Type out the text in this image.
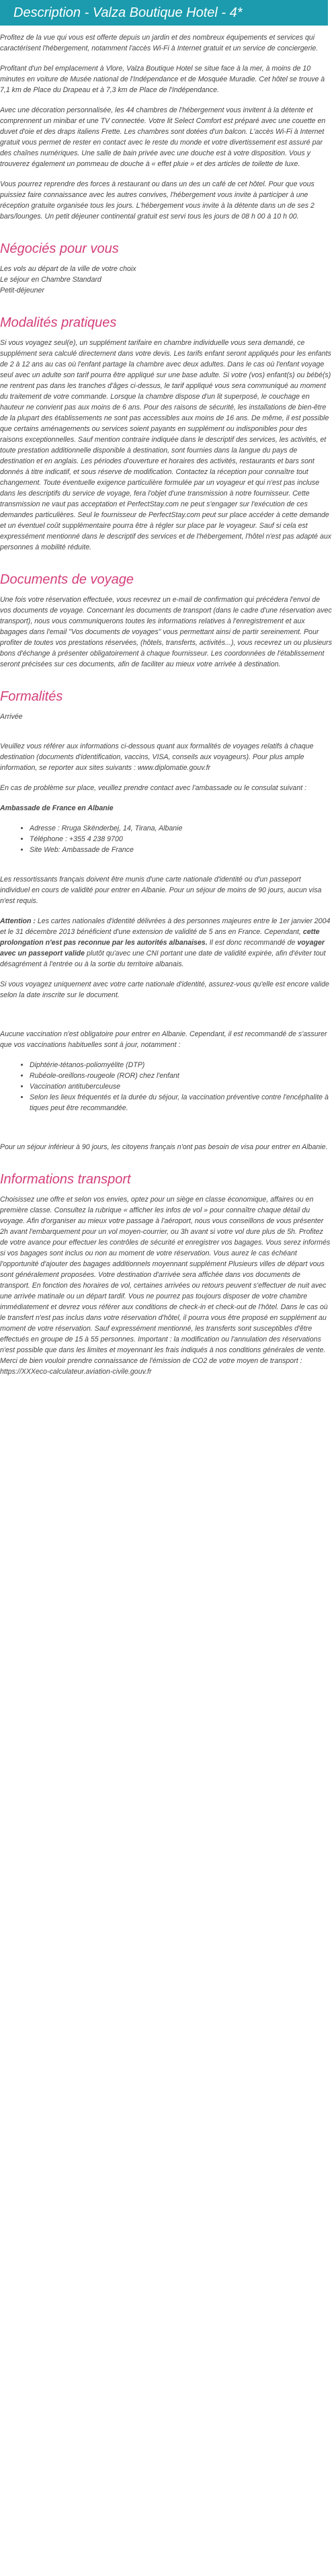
Description - Valza Boutique Hotel - 4*

Profitez de la vue qui vous est offerte depuis un jardin et des nombreux équipements et services qui caractérisent l'hébergement, notamment l'accès Wi-Fi à Internet gratuit et un service de conciergerie.

Profitant d'un bel emplacement à Vlore, Valza Boutique Hotel se situe face à la mer, à moins de 10 minutes en voiture de Musée national de l'Indépendance et de Mosquée Muradie. Cet hôtel se trouve à 7,1 km de Place du Drapeau et à 7,3 km de Place de l'Indépendance.

Avec une décoration personnalisée, les 44 chambres de l'hébergement vous invitent à la détente et comprennent un minibar et une TV connectée. Votre lit Select Comfort est préparé avec une couette en duvet d'oie et des draps italiens Frette. Les chambres sont dotées d'un balcon. L'accès Wi-Fi à Internet gratuit vous permet de rester en contact avec le reste du monde et votre divertissement est assuré par des chaînes numériques. Une salle de bain privée avec une douche est à votre disposition. Vous y trouverez également un pommeau de douche à « effet pluie » et des articles de toilette de luxe.

Vous pourrez reprendre des forces à restaurant ou dans un des un café de cet hôtel. Pour que vous puissiez faire connaissance avec les autres convives, l'hébergement vous invite à participer à une réception gratuite organisée tous les jours. L'hébergement vous invite à la détente dans un de ses 2 bars/lounges. Un petit déjeuner continental gratuit est servi tous les jours de 08 h 00 à 10 h 00.

Négociés pour vous
Les vols au départ de la ville de votre choix
Le séjour en Chambre Standard
Petit-déjeuner
Modalités pratiques

Si vous voyagez seul(e), un supplément tarifaire en chambre individuelle vous sera demandé, ce supplément sera calculé directement dans votre devis. Les tarifs enfant seront appliqués pour les enfants de 2 à 12 ans au cas où l'enfant partage la chambre avec deux adultes. Dans le cas où l'enfant voyage seul avec un adulte son tarif pourra être appliqué sur une base adulte. Si votre (vos) enfant(s) ou bébé(s) ne rentrent pas dans les tranches d'âges ci-dessus, le tarif appliqué vous sera communiqué au moment du traitement de votre commande. Lorsque la chambre dispose d'un lit superposé, le couchage en hauteur ne convient pas aux moins de 6 ans. Pour des raisons de sécurité, les installations de bien-être de la plupart des établissements ne sont pas accessibles aux moins de 16 ans. De même, il est possible que certains aménagements ou services soient payants en supplément ou indisponibles pour des raisons exceptionnelles. Sauf mention contraire indiquée dans le descriptif des services, les activités, et toute prestation additionnelle disponible à destination, sont fournies dans la langue du pays de destination et en anglais. Les périodes d'ouverture et horaires des activités, restaurants et bars sont donnés à titre indicatif, et sous réserve de modification. Contactez la réception pour connaître tout changement. Toute éventuelle exigence particulière formulée par un voyageur et qui n'est pas incluse dans les descriptifs du service de voyage, fera l'objet d'une transmission à notre fournisseur. Cette transmission ne vaut pas acceptation et PerfectStay.com ne peut s'engager sur l'exécution de ces demandes particulières. Seul le fournisseur de PerfectStay.com peut sur place accéder à cette demande et un éventuel coût supplémentaire pourra être à régler sur place par le voyageur. Sauf si cela est expressément mentionné dans le descriptif des services et de l'hébergement, l'hôtel n'est pas adapté aux personnes à mobilité réduite.

Documents de voyage

Une fois votre réservation effectuée, vous recevrez un e-mail de confirmation qui précédera l'envoi de vos documents de voyage. Concernant les documents de transport (dans le cadre d'une réservation avec transport), nous vous communiquerons toutes les informations relatives à l'enregistrement et aux bagages dans l'email "Vos documents de voyages" vous permettant ainsi de partir sereinement. Pour profiter de toutes vos prestations réservées, (hôtels, transferts, activités...), vous recevrez un ou plusieurs bons d'échange à présenter obligatoirement à chaque fournisseur. Les coordonnées de l'établissement seront précisées sur ces documents, afin de faciliter au mieux votre arrivée à destination.

Formalités

Arrivée

Veuillez vous référer aux informations ci-dessous quant aux formalités de voyages relatifs à chaque destination (documents d'identification, vaccins, VISA, conseils aux voyageurs). Pour plus ample information, se reporter aux sites suivants : www.diplomatie.gouv.fr

En cas de problème sur place, veuillez prendre contact avec l'ambassade ou le consulat suivant :

Ambassade de France en Albanie

• Adresse : Rruga Skënderbej, 14, Tirana, Albanie
• Téléphone : +355 4 238 9700
• Site Web: Ambassade de France

Les ressortissants français doivent être munis d'une carte nationale d'identité ou d'un passeport individuel en cours de validité pour entrer en Albanie. Pour un séjour de moins de 90 jours, aucun visa n'est requis.

Attention : Les cartes nationales d'identité délivrées à des personnes majeures entre le 1er janvier 2004 et le 31 décembre 2013 bénéficient d'une extension de validité de 5 ans en France. Cependant, cette prolongation n'est pas reconnue par les autorités albanaises. Il est donc recommandé de voyager avec un passeport valide plutôt qu'avec une CNI portant une date de validité expirée, afin d'éviter tout désagrément à l'entrée ou à la sortie du territoire albanais.

Si vous voyagez uniquement avec votre carte nationale d'identité, assurez-vous qu'elle est encore valide selon la date inscrite sur le document.

Aucune vaccination n'est obligatoire pour entrer en Albanie. Cependant, il est recommandé de s'assurer que vos vaccinations habituelles sont à jour, notamment :

• Diphtérie-tétanos-poliomyélite (DTP)
• Rubéole-oreillons-rougeole (ROR) chez l'enfant
• Vaccination antituberculeuse
• Selon les lieux fréquentés et la durée du séjour, la vaccination préventive contre l'encéphalite à tiques peut être recommandée.

Pour un séjour inférieur à 90 jours, les citoyens français n'ont pas besoin de visa pour entrer en Albanie.

Informations transport

Choisissez une offre et selon vos envies, optez pour un siège en classe économique, affaires ou en première classe. Consultez la rubrique « afficher les infos de vol » pour connaître chaque détail du voyage. Afin d'organiser au mieux votre passage à l'aéroport, nous vous conseillons de vous présenter 2h avant l'embarquement pour un vol moyen-courrier, ou 3h avant si votre vol dure plus de 5h. Profitez de votre avance pour effectuer les contrôles de sécurité et enregistrer vos bagages. Vous serez informés si vos bagages sont inclus ou non au moment de votre réservation. Vous aurez le cas échéant l'opportunité d'ajouter des bagages additionnels moyennant supplément Plusieurs villes de départ vous sont généralement proposées. Votre destination d'arrivée sera affichée dans vos documents de transport. En fonction des horaires de vol, certaines arrivées ou retours peuvent s'effectuer de nuit avec une arrivée matinale ou un départ tardif. Vous ne pourrez pas toujours disposer de votre chambre immédiatement et devrez vous référer aux conditions de check-in et check-out de l'hôtel. Dans le cas où le transfert n'est pas inclus dans votre réservation d'hôtel, il pourra vous être proposé en supplément au moment de votre réservation. Sauf expressément mentionné, les transferts sont susceptibles d'être effectués en groupe de 15 à 55 personnes. Important : la modification ou l'annulation des réservations n'est possible que dans les limites et moyennant les frais indiqués à nos conditions générales de vente. Merci de bien vouloir prendre connaissance de l'émission de CO2 de votre moyen de transport : https://XXXeco-calculateur.aviation-civile.gouv.fr
